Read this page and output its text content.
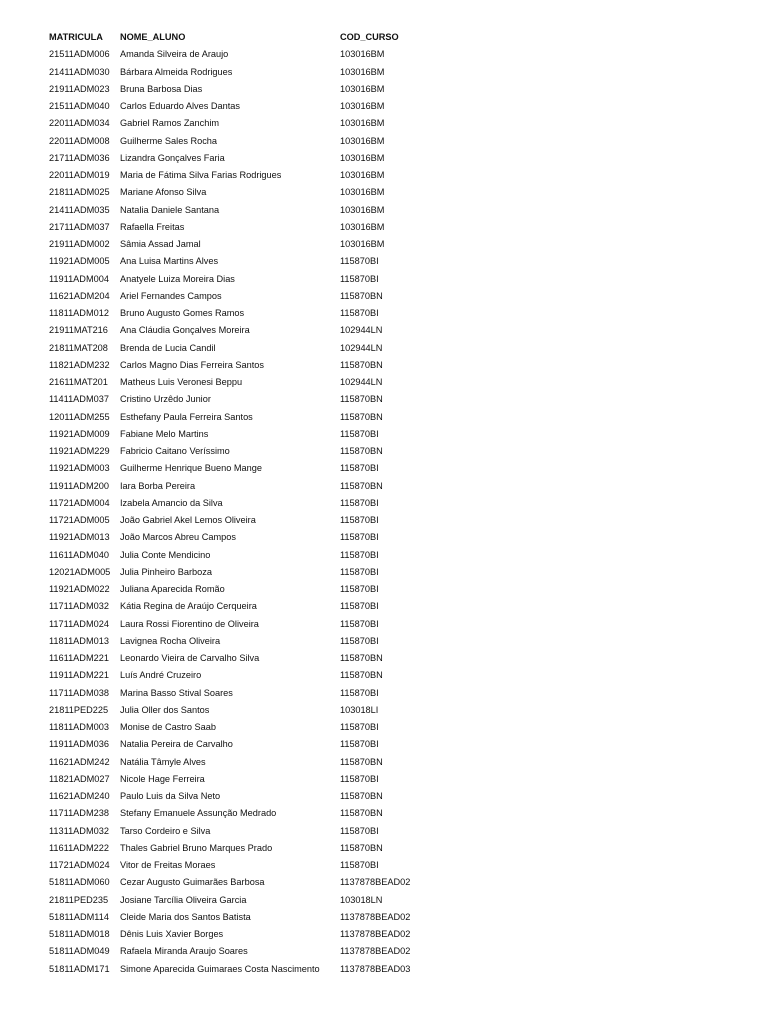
MATRICULA	NOME_ALUNO	COD_CURSO
21511ADM006	Amanda Silveira de Araujo	103016BM
21411ADM030	Bárbara Almeida Rodrigues	103016BM
21911ADM023	Bruna Barbosa Dias	103016BM
21511ADM040	Carlos Eduardo Alves Dantas	103016BM
22011ADM034	Gabriel Ramos Zanchim	103016BM
22011ADM008	Guilherme Sales Rocha	103016BM
21711ADM036	Lizandra Gonçalves Faria	103016BM
22011ADM019	Maria de Fátima Silva Farias Rodrigues	103016BM
21811ADM025	Mariane Afonso Silva	103016BM
21411ADM035	Natalia Daniele Santana	103016BM
21711ADM037	Rafaella Freitas	103016BM
21911ADM002	Sâmia Assad Jamal	103016BM
11921ADM005	Ana Luisa Martins Alves	115870BI
11911ADM004	Anatyele Luiza Moreira Dias	115870BI
11621ADM204	Ariel Fernandes Campos	115870BN
11811ADM012	Bruno Augusto Gomes Ramos	115870BI
21911MAT216	Ana Cláudia Gonçalves Moreira	102944LN
21811MAT208	Brenda de Lucia Candil	102944LN
11821ADM232	Carlos Magno Dias Ferreira Santos	115870BN
21611MAT201	Matheus Luis Veronesi Beppu	102944LN
11411ADM037	Cristino Urzêdo Junior	115870BN
12011ADM255	Esthefany Paula Ferreira Santos	115870BN
11921ADM009	Fabiane Melo Martins	115870BI
11921ADM229	Fabricio Caitano Veríssimo	115870BN
11921ADM003	Guilherme Henrique Bueno Mange	115870BI
11911ADM200	Iara Borba Pereira	115870BN
11721ADM004	Izabela Amancio da Silva	115870BI
11721ADM005	João Gabriel Akel Lemos Oliveira	115870BI
11921ADM013	João Marcos Abreu Campos	115870BI
11611ADM040	Julia Conte Mendicino	115870BI
12021ADM005	Julia Pinheiro Barboza	115870BI
11921ADM022	Juliana Aparecida Romão	115870BI
11711ADM032	Kátia Regina de Araújo Cerqueira	115870BI
11711ADM024	Laura Rossi Fiorentino de Oliveira	115870BI
11811ADM013	Lavignea Rocha Oliveira	115870BI
11611ADM221	Leonardo Vieira de Carvalho Silva	115870BN
11911ADM221	Luís André Cruzeiro	115870BN
11711ADM038	Marina Basso Stival Soares	115870BI
21811PED225	Julia Oller dos Santos	103018LI
11811ADM003	Monise de Castro Saab	115870BI
11911ADM036	Natalia Pereira de Carvalho	115870BI
11621ADM242	Natália Tâmyle Alves	115870BN
11821ADM027	Nicole Hage Ferreira	115870BI
11621ADM240	Paulo Luis da Silva Neto	115870BN
11711ADM238	Stefany Emanuele Assunção Medrado	115870BN
11311ADM032	Tarso Cordeiro e Silva	115870BI
11611ADM222	Thales Gabriel Bruno Marques Prado	115870BN
11721ADM024	Vitor de Freitas Moraes	115870BI
51811ADM060	Cezar Augusto Guimarães Barbosa	1137878BEAD02
21811PED235	Josiane Tarcília Oliveira Garcia	103018LN
51811ADM114	Cleide Maria dos Santos Batista	1137878BEAD02
51811ADM018	Dênis Luis Xavier Borges	1137878BEAD02
51811ADM049	Rafaela Miranda Araujo Soares	1137878BEAD02
51811ADM171	Simone Aparecida Guimaraes Costa Nascimento	1137878BEAD03
